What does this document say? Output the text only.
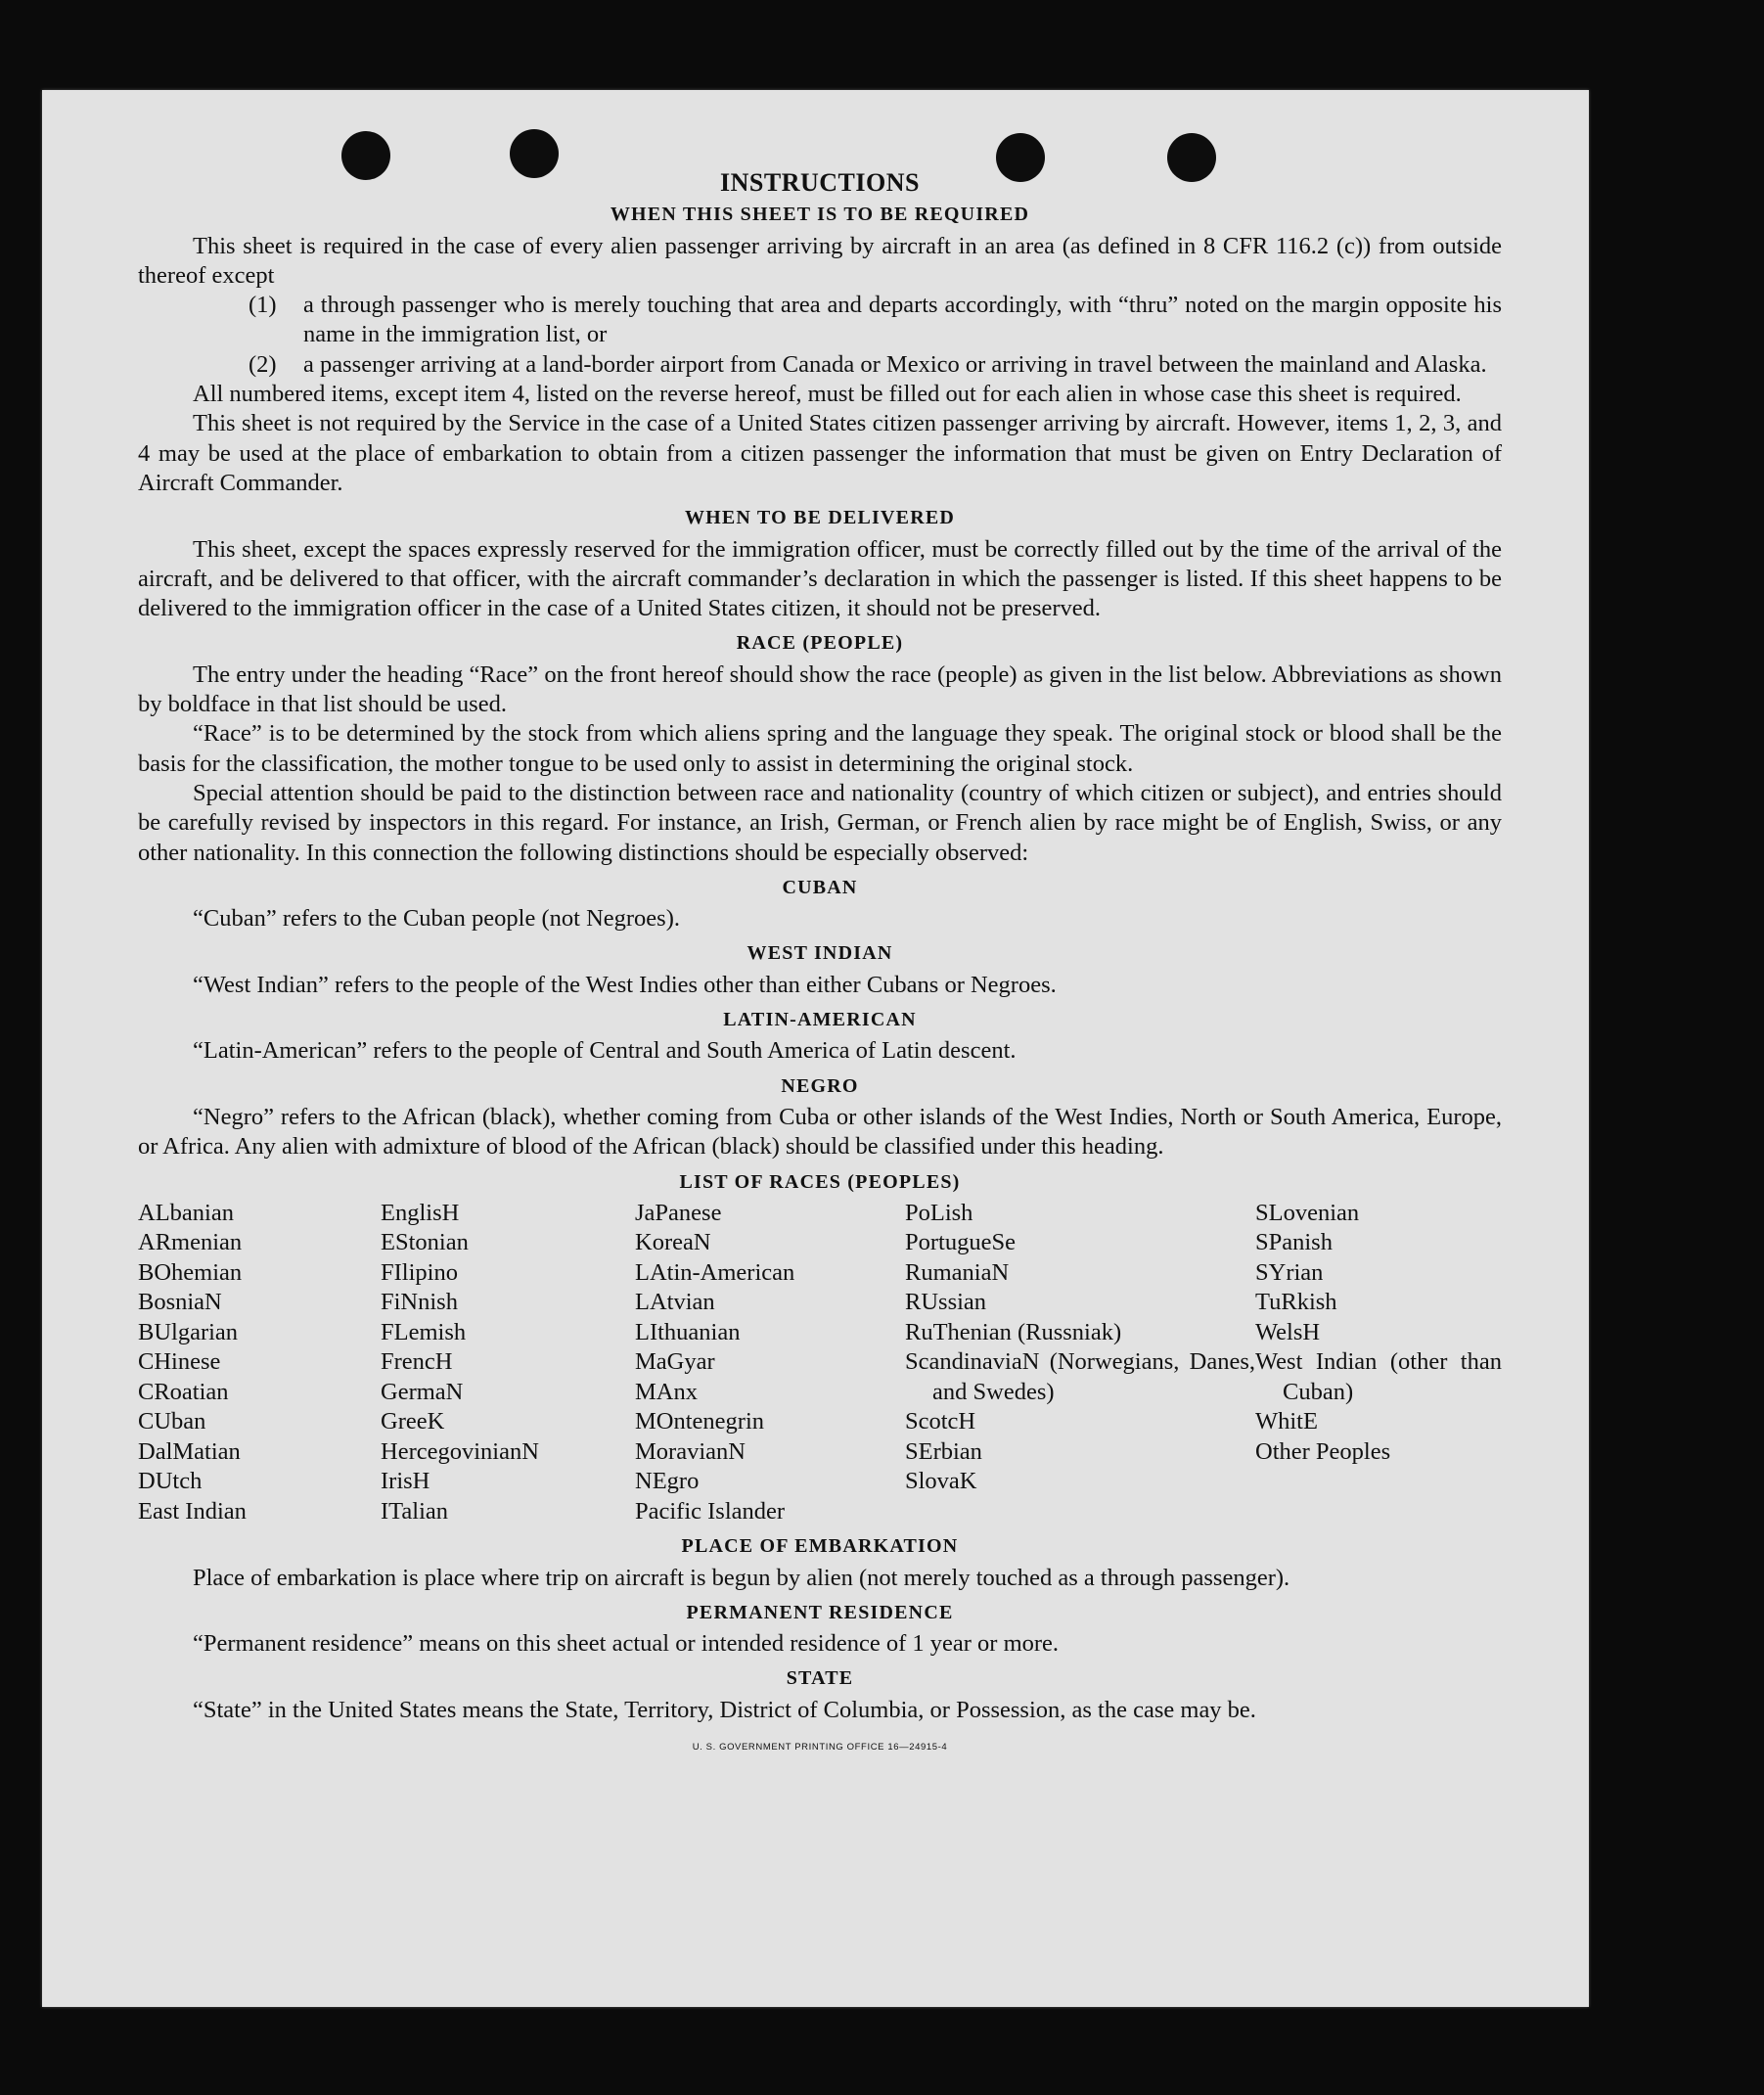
INSTRUCTIONS
WHEN THIS SHEET IS TO BE REQUIRED

This sheet is required in the case of every alien passenger arriving by aircraft in an area (as defined in 8 CFR 116.2 (c)) from outside thereof except

(1) a through passenger who is merely touching that area and departs accordingly, with “thru” noted on the margin opposite his name in the immigration list, or
(2) a passenger arriving at a land-border airport from Canada or Mexico or arriving in travel between the mainland and Alaska.

All numbered items, except item 4, listed on the reverse hereof, must be filled out for each alien in whose case this sheet is required.

This sheet is not required by the Service in the case of a United States citizen passenger arriving by aircraft. However, items 1, 2, 3, and 4 may be used at the place of embarkation to obtain from a citizen passenger the information that must be given on Entry Declaration of Aircraft Commander.

WHEN TO BE DELIVERED

This sheet, except the spaces expressly reserved for the immigration officer, must be correctly filled out by the time of the arrival of the aircraft, and be delivered to that officer, with the aircraft commander’s declaration in which the passenger is listed. If this sheet happens to be delivered to the immigration officer in the case of a United States citizen, it should not be preserved.

RACE (PEOPLE)

The entry under the heading “Race” on the front hereof should show the race (people) as given in the list below. Abbreviations as shown by boldface in that list should be used.

“Race” is to be determined by the stock from which aliens spring and the language they speak. The original stock or blood shall be the basis for the classification, the mother tongue to be used only to assist in determining the original stock.

Special attention should be paid to the distinction between race and nationality (country of which citizen or subject), and entries should be carefully revised by inspectors in this regard. For instance, an Irish, German, or French alien by race might be of English, Swiss, or any other nationality. In this connection the following distinctions should be especially observed:

CUBAN

“Cuban” refers to the Cuban people (not Negroes).

WEST INDIAN

“West Indian” refers to the people of the West Indies other than either Cubans or Negroes.

LATIN-AMERICAN

“Latin-American” refers to the people of Central and South America of Latin descent.

NEGRO

“Negro” refers to the African (black), whether coming from Cuba or other islands of the West Indies, North or South America, Europe, or Africa. Any alien with admixture of blood of the African (black) should be classified under this heading.

LIST OF RACES (PEOPLES)
ALbanian
ARmenian
BOhemian
BosniaN
BUlgarian
CHinese
CRoatian
CUban
DalMatian
DUtch
East Indian
EnglisH
EStonian
FIlipino
FiNnish
FLemish
FrencH
GermaN
GreeK
HercegovinianN
IrisH
ITalian
JaPanese
KoreaN
LAtin-American
LAtvian
LIthuanian
MaGyar
MAnx
MOntenegrin
MoravianN
NEgro
Pacific Islander
PoLish
PortugueSe
RumaniaN
RUssian
RuThenian (Russniak)
ScandinaviaN (Norwegians, Danes, and Swedes)
ScotcH
SErbian
SlovaK
SLovenian
SPanish
SYrian
TuRkish
WelsH
West Indian (other than Cuban)
WhitE
Other Peoples
PLACE OF EMBARKATION

Place of embarkation is place where trip on aircraft is begun by alien (not merely touched as a through passenger).

PERMANENT RESIDENCE

“Permanent residence” means on this sheet actual or intended residence of 1 year or more.

STATE

“State” in the United States means the State, Territory, District of Columbia, or Possession, as the case may be.

U. S. GOVERNMENT PRINTING OFFICE 16—24915-4
